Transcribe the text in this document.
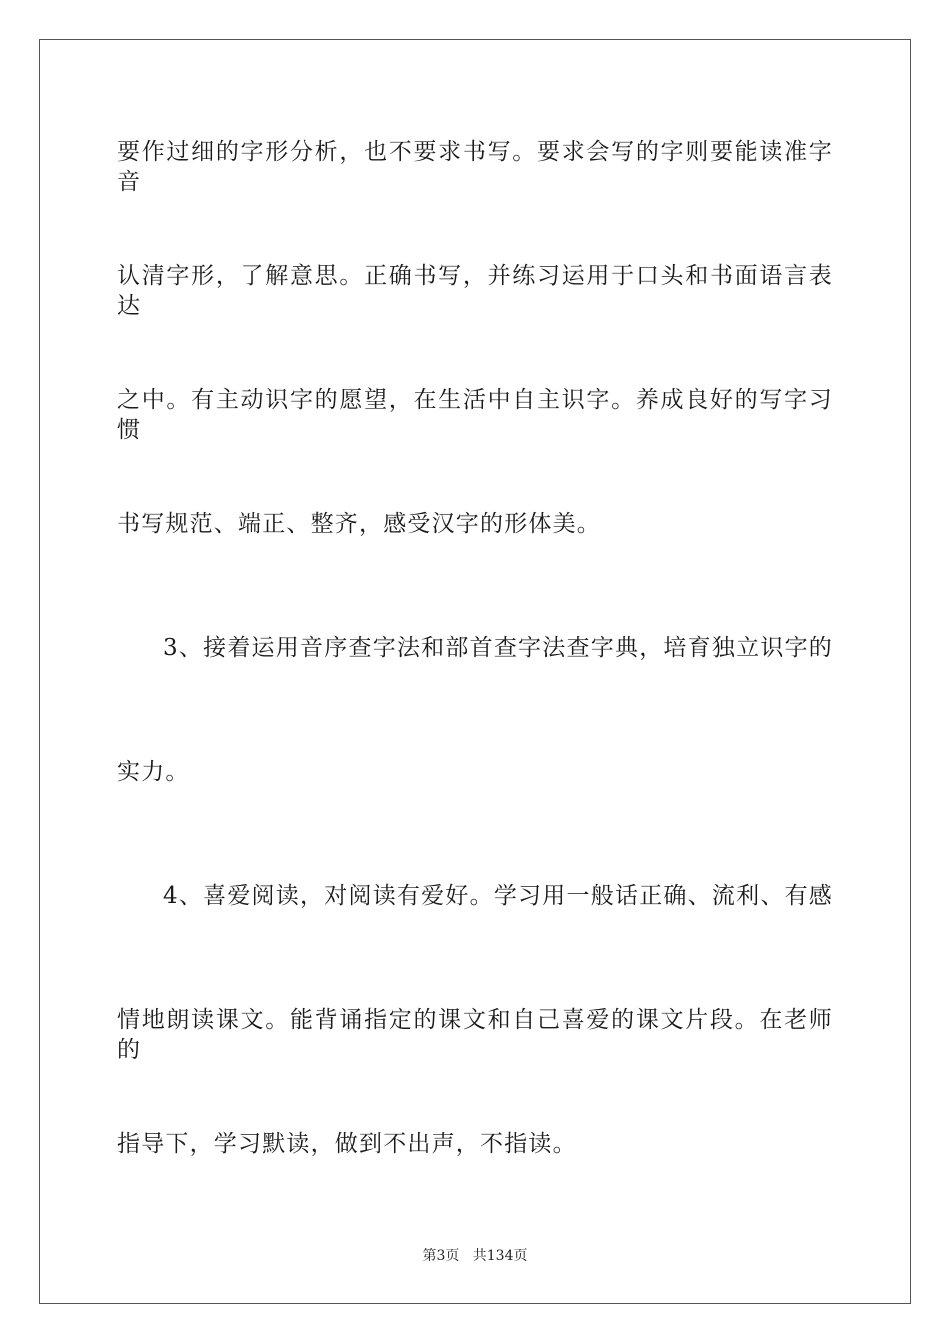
要作过细的字形分析，也不要求书写。要求会写的字则要能读准字音
认清字形，了解意思。正确书写，并练习运用于口头和书面语言表达
之中。有主动识字的愿望，在生活中自主识字。养成良好的写字习惯
书写规范、端正、整齐，感受汉字的形体美。
3、接着运用音序查字法和部首查字法查字典，培育独立识字的
实力。
4、喜爱阅读，对阅读有爱好。学习用一般话正确、流利、有感
情地朗读课文。能背诵指定的课文和自己喜爱的课文片段。在老师的
指导下，学习默读，做到不出声，不指读。
第3页 共134页
